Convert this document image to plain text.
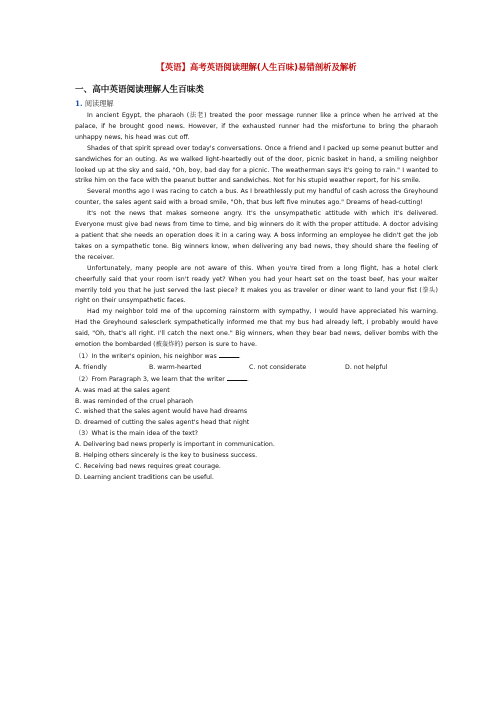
【英语】高考英语阅读理解(人生百味)易错剖析及解析
一、高中英语阅读理解人生百味类
1. 阅读理解

In ancient Egypt, the pharaoh (法老) treated the poor message runner like a prince when he arrived at the palace, if he brought good news. However, if the exhausted runner had the misfortune to bring the pharaoh unhappy news, his head was cut off.

Shades of that spirit spread over today's conversations. Once a friend and I packed up some peanut butter and sandwiches for an outing. As we walked light-heartedly out of the door, picnic basket in hand, a smiling neighbor looked up at the sky and said, "Oh, boy, bad day for a picnic. The weatherman says it's going to rain." I wanted to strike him on the face with the peanut butter and sandwiches. Not for his stupid weather report, for his smile.

Several months ago I was racing to catch a bus. As I breathlessly put my handful of cash across the Greyhound counter, the sales agent said with a broad smile, "Oh, that bus left five minutes ago." Dreams of head-cutting!

It's not the news that makes someone angry. It's the unsympathetic attitude with which it's delivered. Everyone must give bad news from time to time, and big winners do it with the proper attitude. A doctor advising a patient that she needs an operation does it in a caring way. A boss informing an employee he didn't get the job takes on a sympathetic tone. Big winners know, when delivering any bad news, they should share the feeling of the receiver.

Unfortunately, many people are not aware of this. When you're tired from a long flight, has a hotel clerk cheerfully said that your room isn't ready yet? When you had your heart set on the toast beef, has your waiter merrily told you that he just served the last piece? It makes you as traveler or diner want to land your fist (拳头) right on their unsympathetic faces.

Had my neighbor told me of the upcoming rainstorm with sympathy, I would have appreciated his warning. Had the Greyhound salesclerk sympathetically informed me that my bus had already left, I probably would have said, "Oh, that's all right. I'll catch the next one." Big winners, when they bear bad news, deliver bombs with the emotion the bombarded (被轰炸的) person is sure to have.

（1）In the writer's opinion, his neighbor was	.
A. friendly	B. warm-hearted	C. not considerate	D. not helpful
（2）From Paragraph 3, we learn that the writer	.
A. was mad at the sales agent
B. was reminded of the cruel pharaoh
C. wished that the sales agent would have had dreams
D. dreamed of cutting the sales agent's head that night
（3）What is the main idea of the text?
A. Delivering bad news properly is important in communication.
B. Helping others sincerely is the key to business success.
C. Receiving bad news requires great courage.
D. Learning ancient traditions can be useful.
